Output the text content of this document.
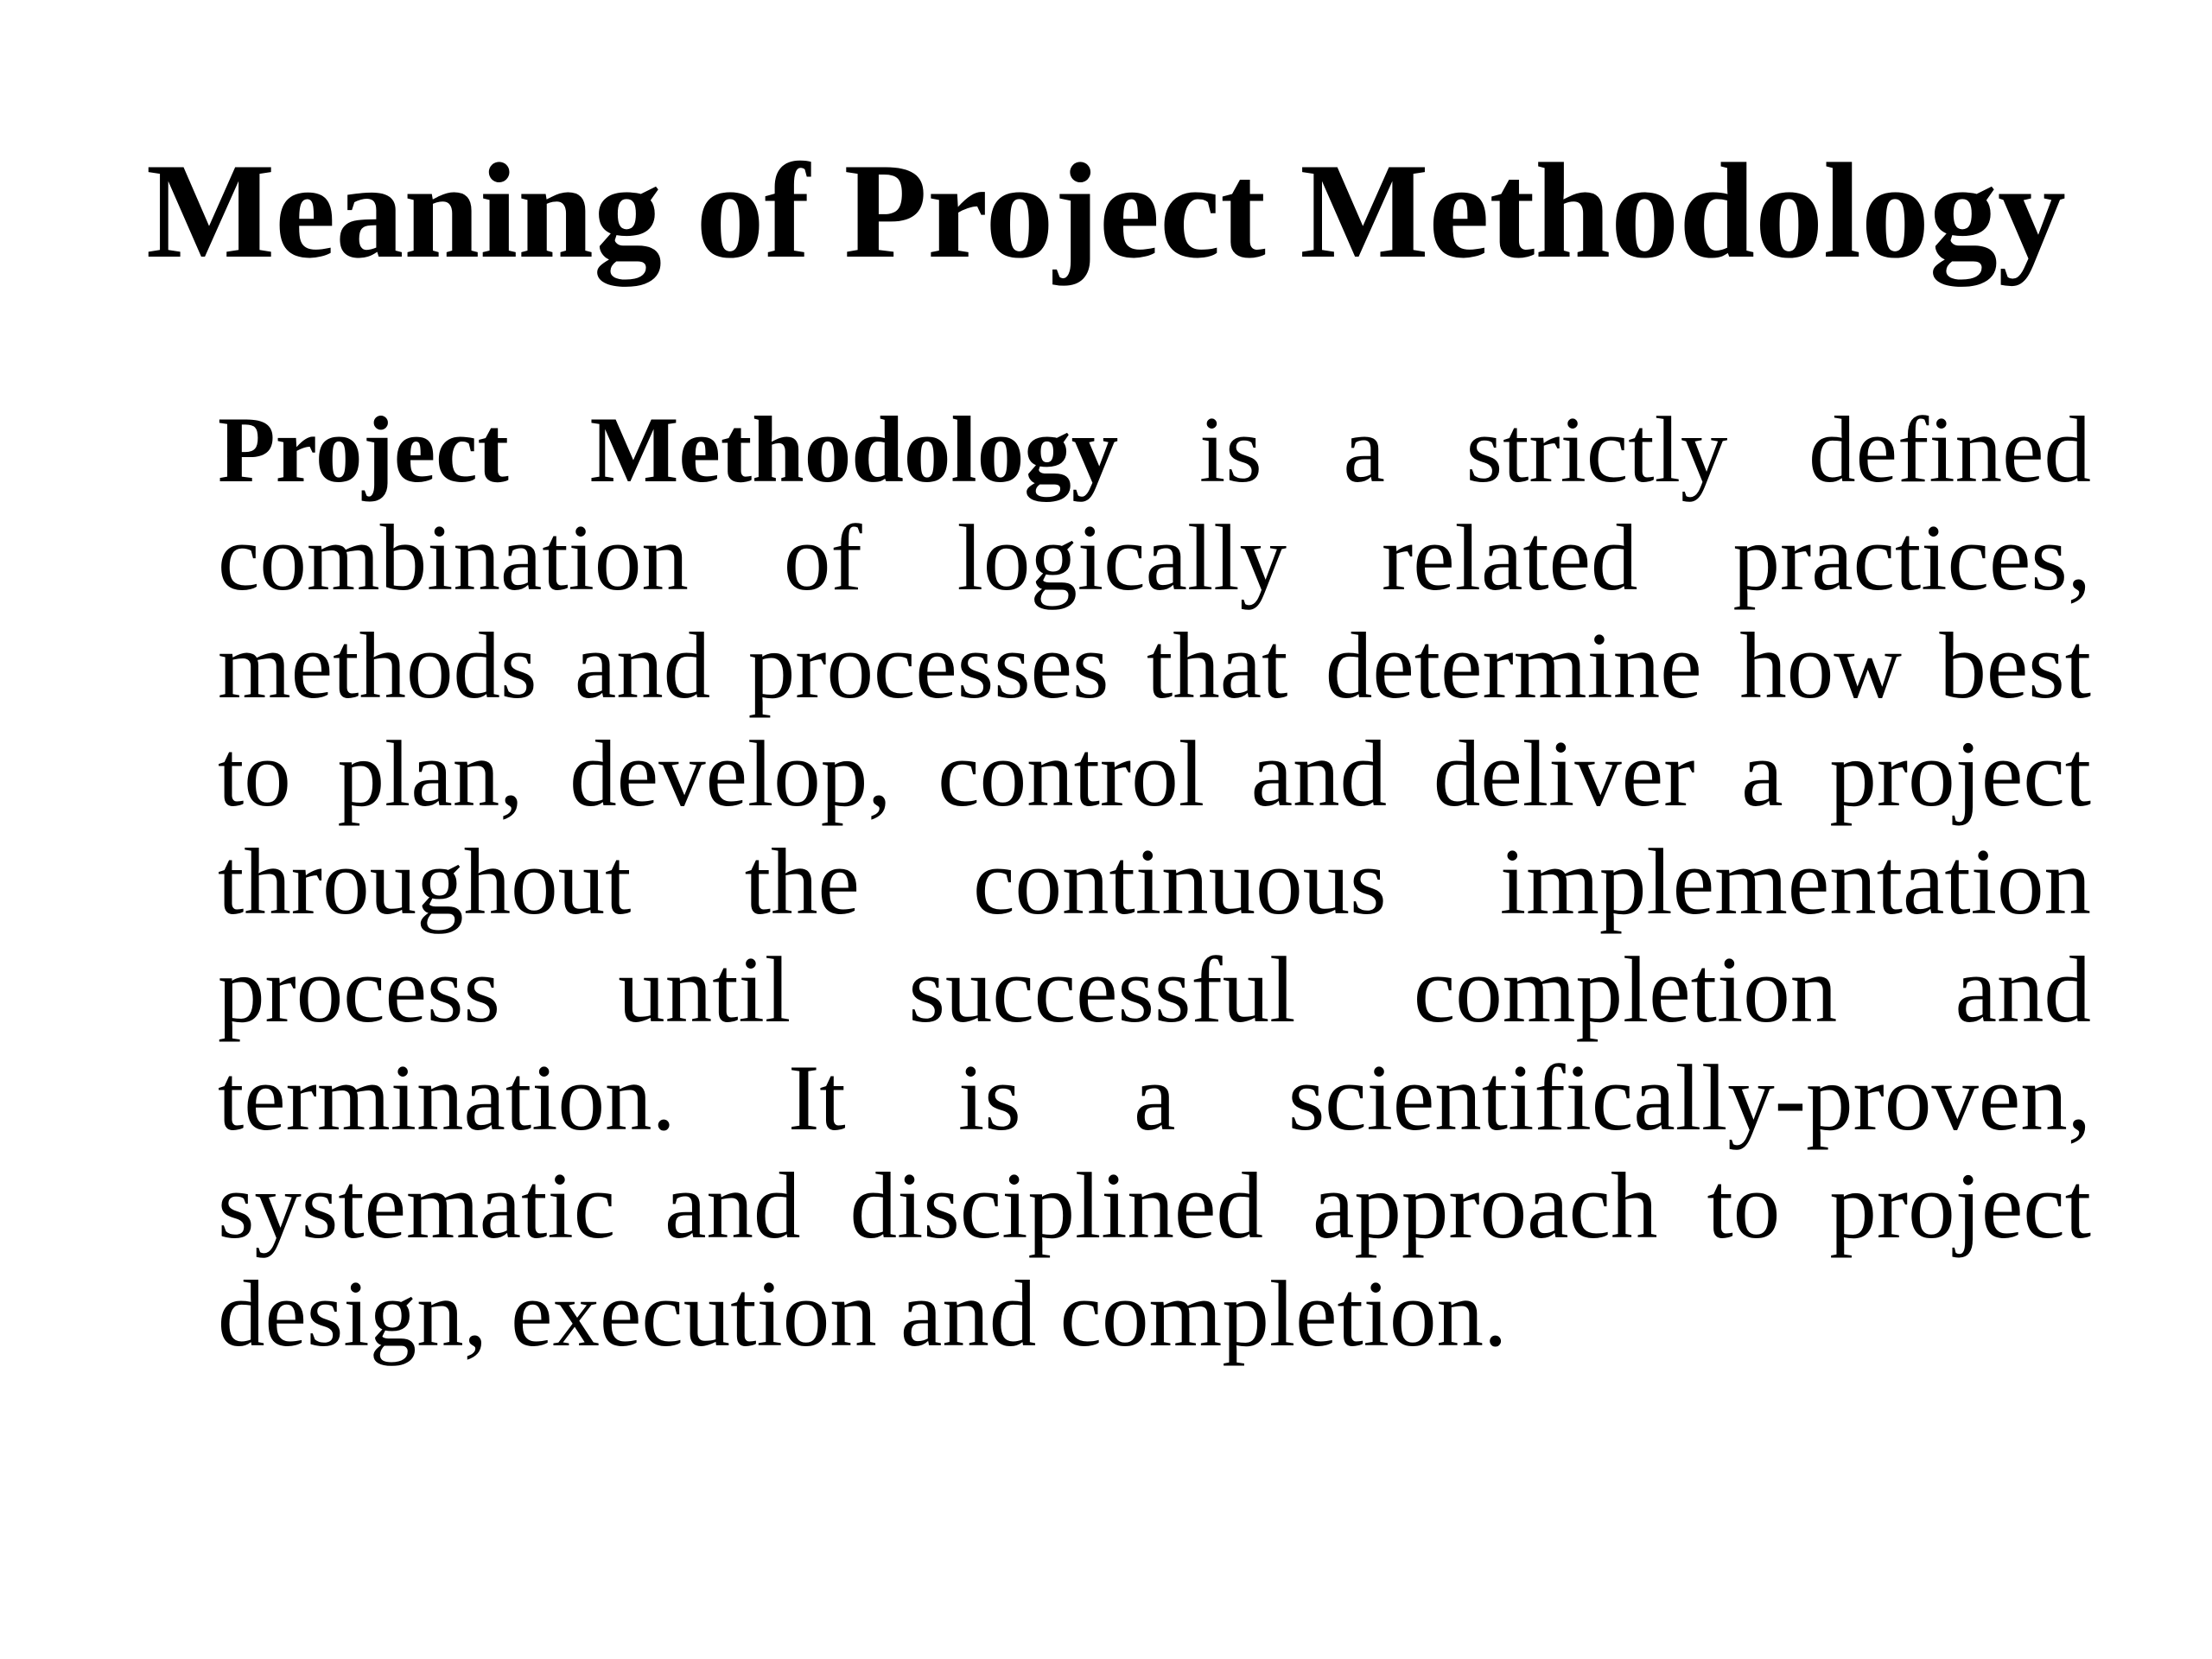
Meaning of Project Methodology

Project Methodology is a strictly defined combination of logically related practices, methods and processes that determine how best to plan, develop, control and deliver a project throughout the continuous implementation process until successful completion and termination. It is a scientifically-proven, systematic and disciplined approach to project design, execution and completion.
